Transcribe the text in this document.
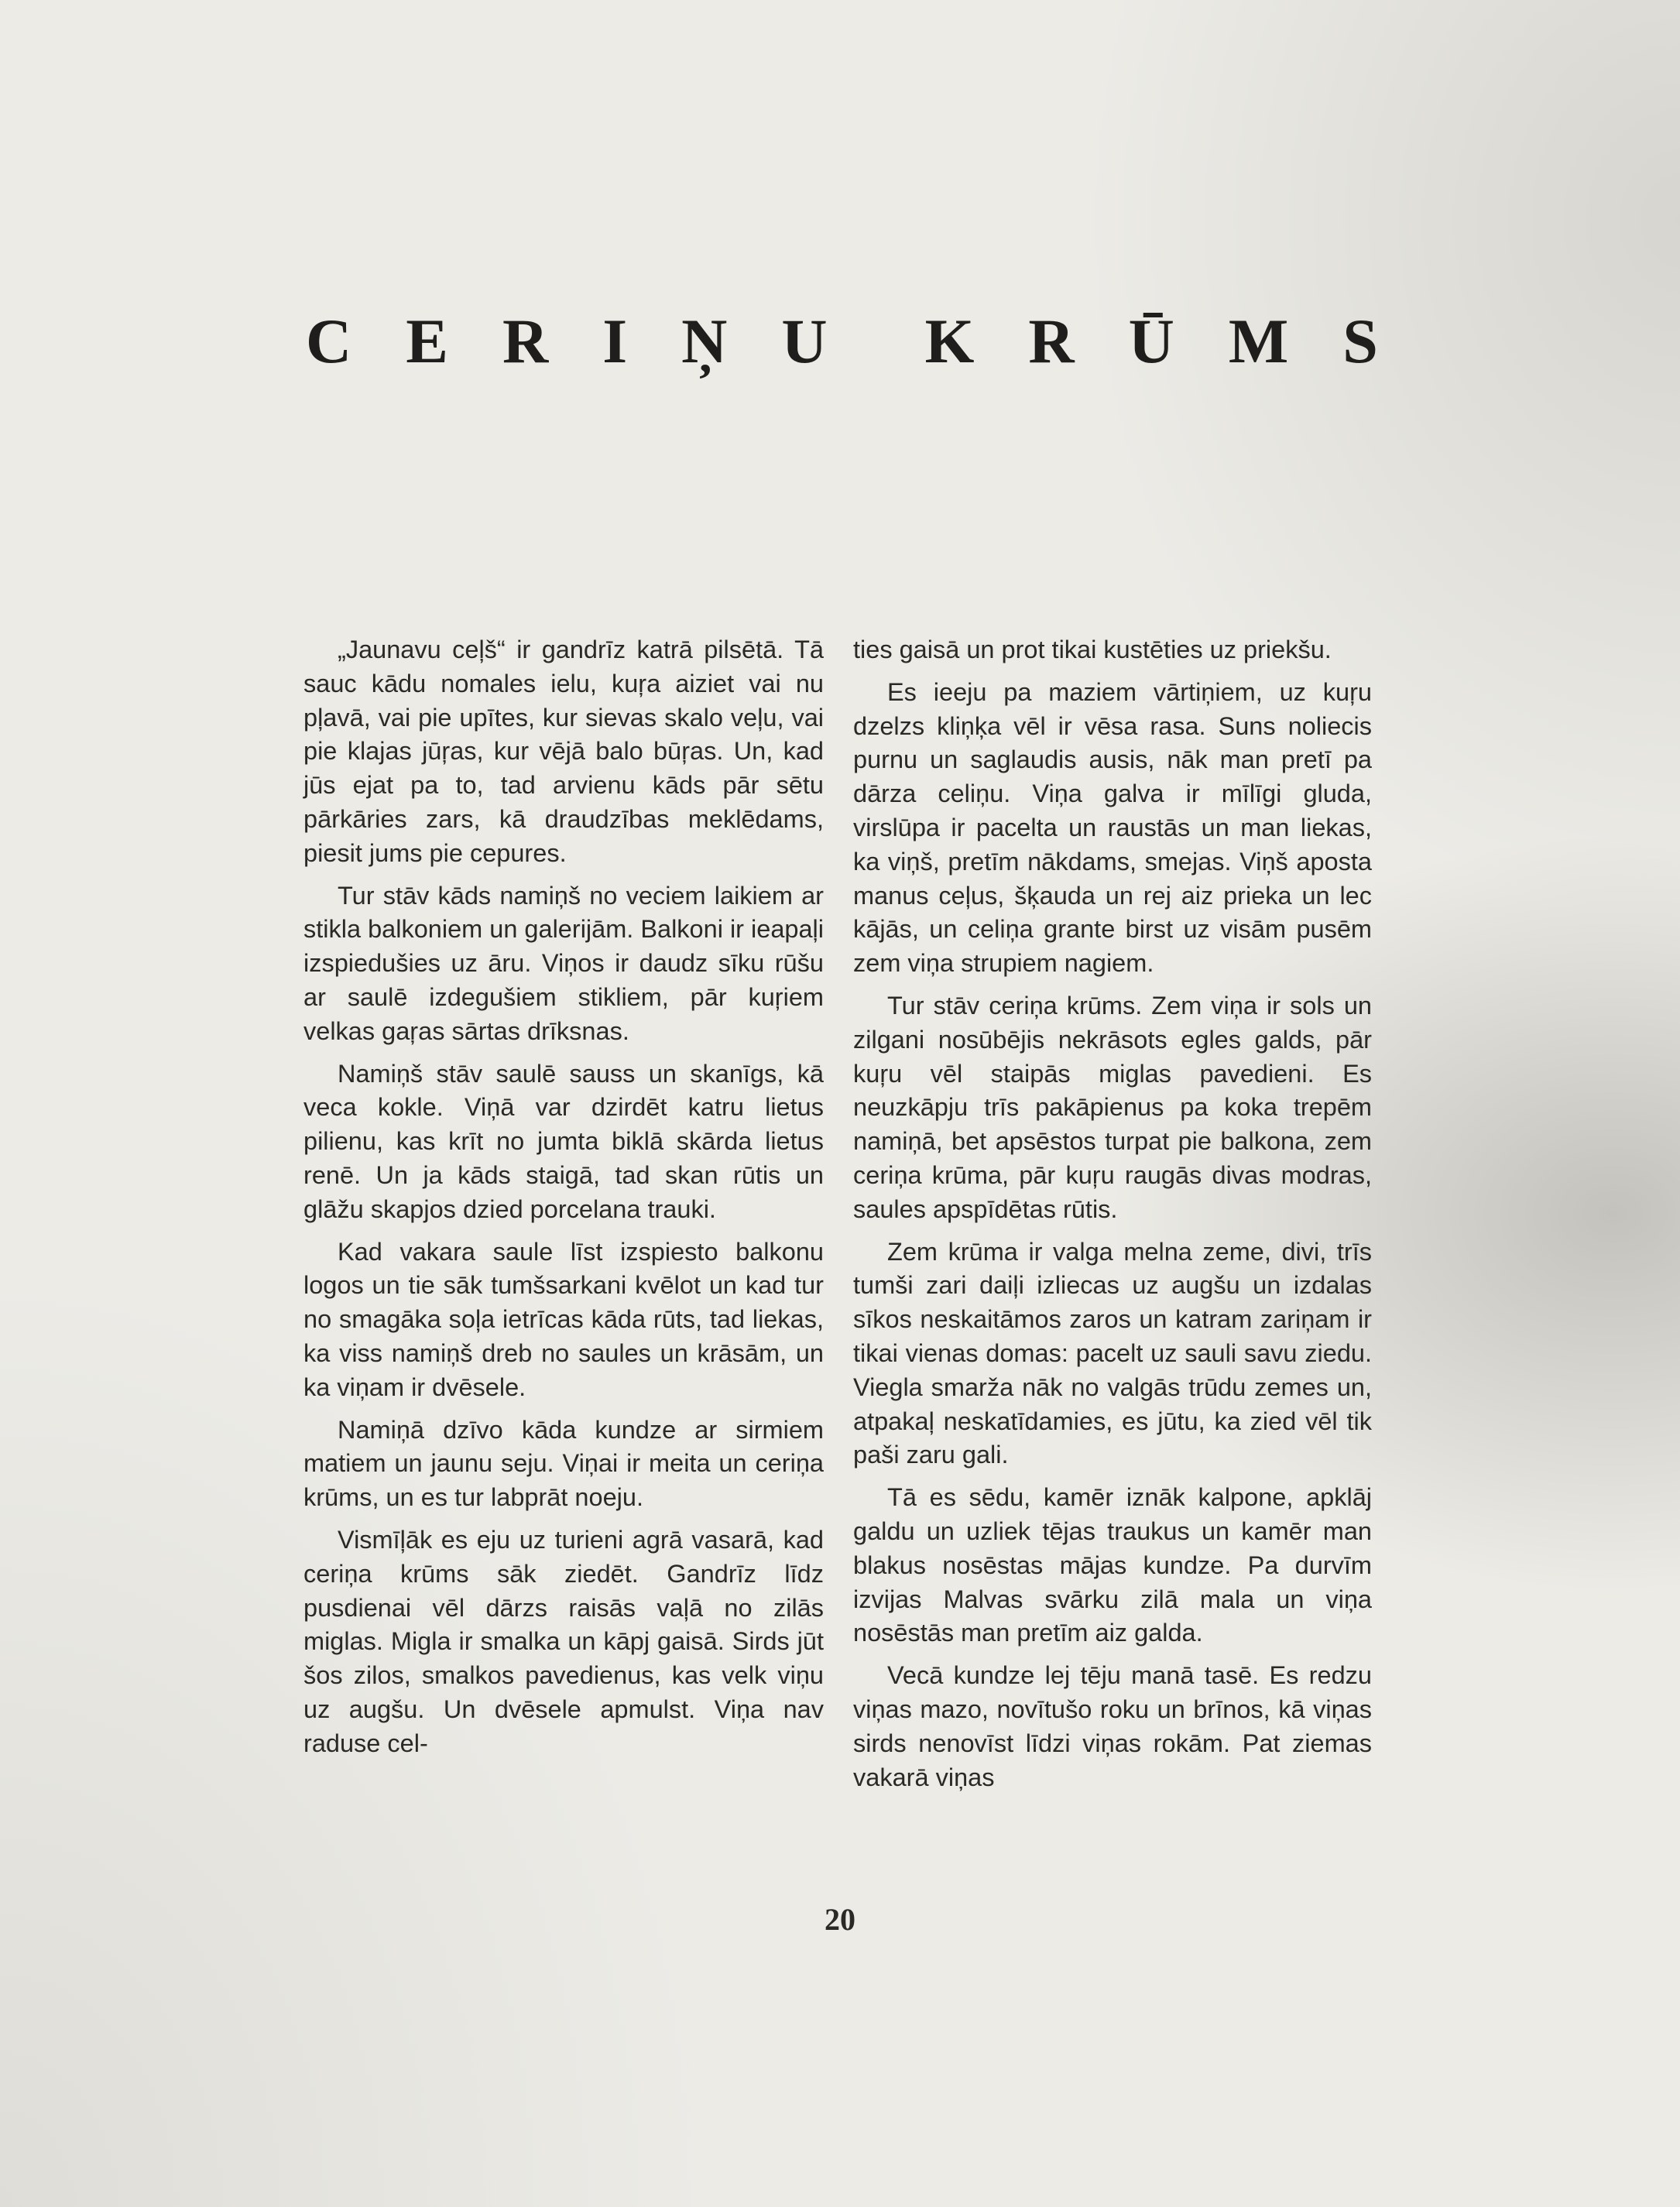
C E R I Ņ U K R Ū M S

„Jaunavu ceļš“ ir gandrīz katrā pilsētā. Tā sauc kādu nomales ielu, kuŗa aiziet vai nu pļavā, vai pie upītes, kur sievas skalo veļu, vai pie klajas jūŗas, kur vējā balo būŗas. Un, kad jūs ejat pa to, tad arvienu kāds pār sētu pārkāries zars, kā draudzības meklēdams, piesit jums pie cepures.

Tur stāv kāds namiņš no veciem laikiem ar stikla balkoniem un galerijām. Balkoni ir ieapaļi izspiedušies uz āru. Viņos ir daudz sīku rūšu ar saulē izdegušiem stikliem, pār kuŗiem velkas gaŗas sārtas drīksnas.

Namiņš stāv saulē sauss un skanīgs, kā veca kokle. Viņā var dzirdēt katru lietus pilienu, kas krīt no jumta biklā skārda lietus renē. Un ja kāds staigā, tad skan rūtis un glāžu skapjos dzied porcelana trauki.

Kad vakara saule līst izspiesto balkonu logos un tie sāk tumšsarkani kvēlot un kad tur no smagāka soļa ietrīcas kāda rūts, tad liekas, ka viss namiņš dreb no saules un krāsām, un ka viņam ir dvēsele.

Namiņā dzīvo kāda kundze ar sirmiem matiem un jaunu seju. Viņai ir meita un ceriņa krūms, un es tur labprāt noeju.

Vismīļāk es eju uz turieni agrā vasarā, kad ceriņa krūms sāk ziedēt. Gandrīz līdz pusdienai vēl dārzs raisās vaļā no zilās miglas. Migla ir smalka un kāpj gaisā. Sirds jūt šos zilos, smalkos pavedienus, kas velk viņu uz augšu. Un dvēsele apmulst. Viņa nav raduse cel-

ties gaisā un prot tikai kustēties uz priekšu.

Es ieeju pa maziem vārtiņiem, uz kuŗu dzelzs kliņķa vēl ir vēsa rasa. Suns noliecis purnu un saglaudis ausis, nāk man pretī pa dārza celiņu. Viņa galva ir mīlīgi gluda, virslūpa ir pacelta un raustās un man liekas, ka viņš, pretīm nākdams, smejas. Viņš aposta manus ceļus, šķauda un rej aiz prieka un lec kājās, un celiņa grante birst uz visām pusēm zem viņa strupiem nagiem.

Tur stāv ceriņa krūms. Zem viņa ir sols un zilgani nosūbējis nekrāsots egles galds, pār kuŗu vēl staipās miglas pavedieni. Es neuzkāpju trīs pakāpienus pa koka trepēm namiņā, bet apsēstos turpat pie balkona, zem ceriņa krūma, pār kuŗu raugās divas modras, saules apspīdētas rūtis.

Zem krūma ir valga melna zeme, divi, trīs tumši zari daiļi izliecas uz augšu un izdalas sīkos neskaitāmos zaros un katram zariņam ir tikai vienas domas: pacelt uz sauli savu ziedu. Viegla smarža nāk no valgās trūdu zemes un, atpakaļ neskatīdamies, es jūtu, ka zied vēl tik paši zaru gali.

Tā es sēdu, kamēr iznāk kalpone, apklāj galdu un uzliek tējas traukus un kamēr man blakus nosēstas mājas kundze. Pa durvīm izvijas Malvas svārku zilā mala un viņa nosēstās man pretīm aiz galda.

Vecā kundze lej tēju manā tasē. Es redzu viņas mazo, novītušo roku un brīnos, kā viņas sirds nenovīst līdzi viņas rokām. Pat ziemas vakarā viņas

20
